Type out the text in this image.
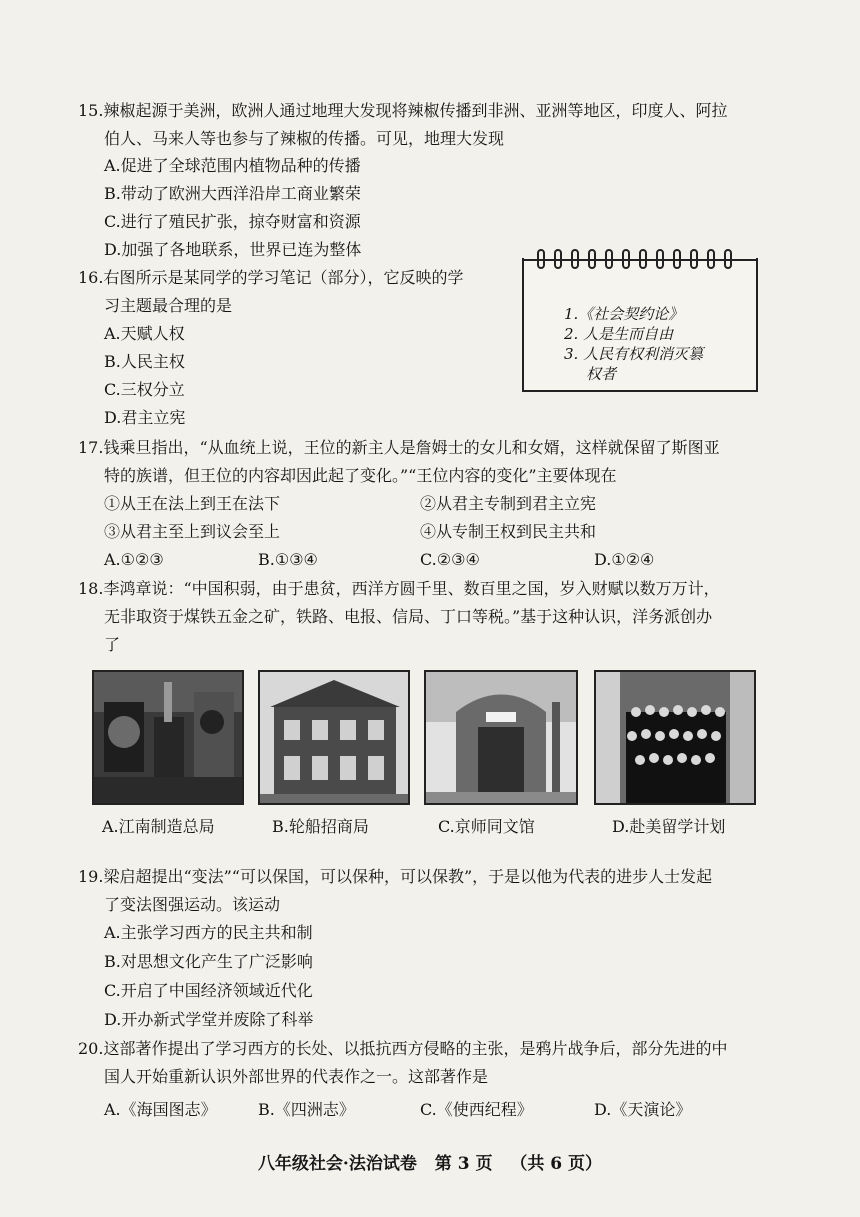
15.辣椒起源于美洲，欧洲人通过地理大发现将辣椒传播到非洲、亚洲等地区，印度人、阿拉
伯人、马来人等也参与了辣椒的传播。可见，地理大发现
A.促进了全球范围内植物品种的传播
B.带动了欧洲大西洋沿岸工商业繁荣
C.进行了殖民扩张，掠夺财富和资源
D.加强了各地联系，世界已连为整体
16.右图所示是某同学的学习笔记（部分），它反映的学
习主题最合理的是
A.天赋人权
B.人民主权
C.三权分立
D.君主立宪
1.《社会契约论》
2. 人是生而自由
3. 人民有权利消灭篡
权者
17.钱乘旦指出，“从血统上说，王位的新主人是詹姆士的女儿和女婿，这样就保留了斯图亚
特的族谱，但王位的内容却因此起了变化。”“王位内容的变化”主要体现在
①从王在法上到王在法下	②从君主专制到君主立宪
③从君主至上到议会至上	④从专制王权到民主共和
A.①②③	B.①③④	C.②③④	D.①②④
18.李鸿章说：“中国积弱，由于患贫，西洋方圆千里、数百里之国，岁入财赋以数万万计，
无非取资于煤铁五金之矿，铁路、电报、信局、丁口等税。”基于这种认识，洋务派创办
了
A.江南制造总局	B.轮船招商局	C.京师同文馆	D.赴美留学计划
19.梁启超提出“变法”“可以保国，可以保种，可以保教”，于是以他为代表的进步人士发起
了变法图强运动。该运动
A.主张学习西方的民主共和制
B.对思想文化产生了广泛影响
C.开启了中国经济领域近代化
D.开办新式学堂并废除了科举
20.这部著作提出了学习西方的长处、以抵抗西方侵略的主张，是鸦片战争后，部分先进的中
国人开始重新认识外部世界的代表作之一。这部著作是
A.《海国图志》	B.《四洲志》	C.《使西纪程》	D.《天演论》
八年级社会·法治试卷 第 3 页 （共 6 页）
